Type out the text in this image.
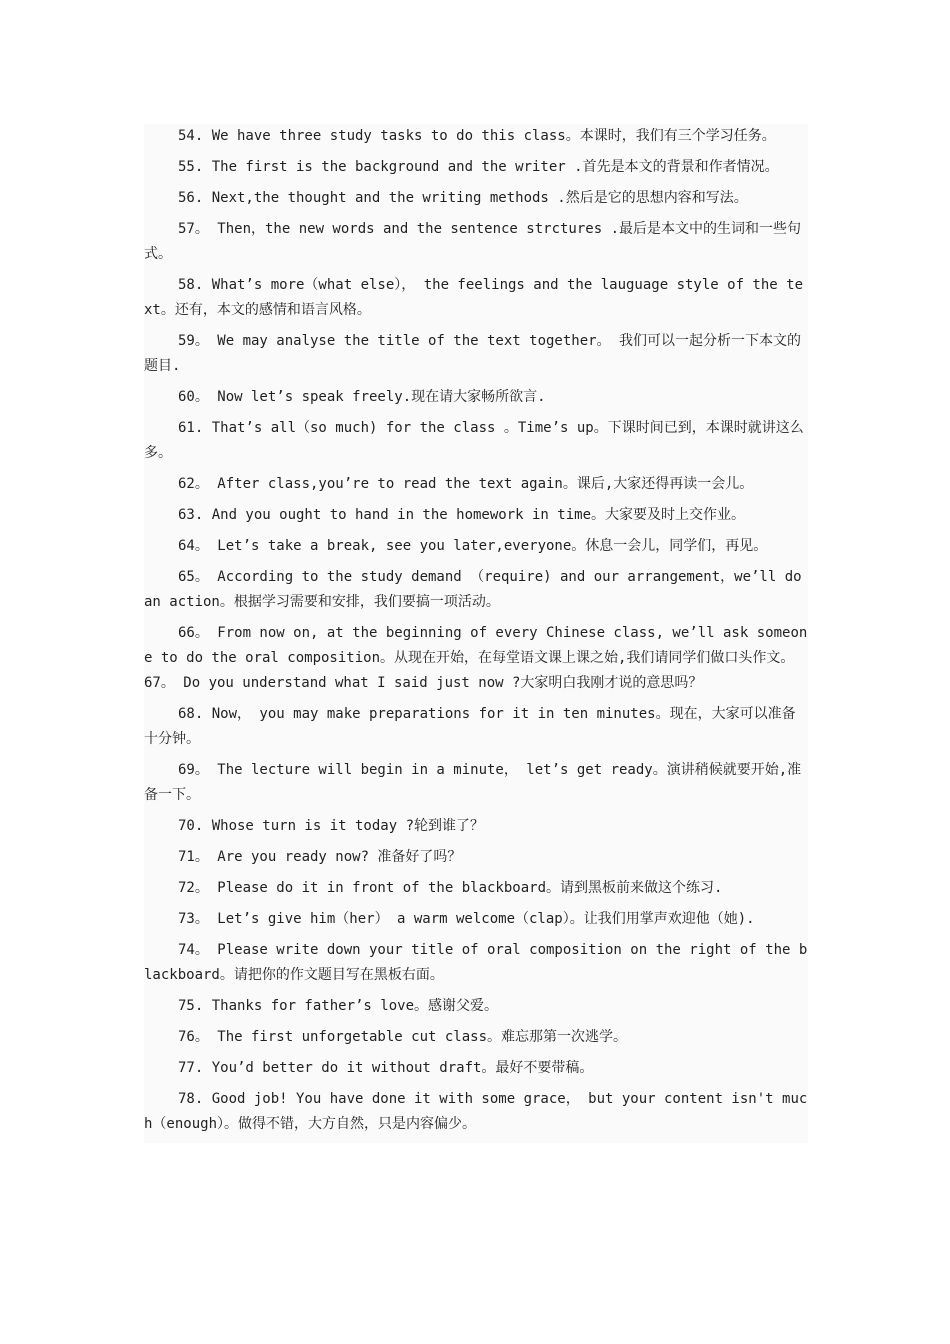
54. We have three study tasks to do this class。本课时，我们有三个学习任务。

55. The first is the background and the writer .首先是本文的背景和作者情况。

56. Next,the thought and the writing methods .然后是它的思想内容和写法。

57。 Then，the new words and the sentence strctures .最后是本文中的生词和一些句式。

58. What’s more（what else）， the feelings and the lauguage style of the text。还有，本文的感情和语言风格。

59。 We may analyse the title of the text together。 我们可以一起分析一下本文的题目.

60。 Now let’s speak freely.现在请大家畅所欲言.

61. That’s all（so much) for the class 。Time’s up。下课时间已到，本课时就讲这么多。

62。 After class,you’re to read the text again。课后,大家还得再读一会儿。

63. And you ought to hand in the homework in time。大家要及时上交作业。

64。 Let’s take a break, see you later,everyone。休息一会儿，同学们，再见。

65。 According to the study demand （require) and our arrangement，we’ll do an action。根据学习需要和安排，我们要搞一项活动。

66。 From now on, at the beginning of every Chinese class, we’ll ask someone to do the oral composition。从现在开始，在每堂语文课上课之始,我们请同学们做口头作文。

67。 Do you understand what I said just now ?大家明白我刚才说的意思吗？

68. Now， you may make preparations for it in ten minutes。现在，大家可以准备十分钟。

69。 The lecture will begin in a minute， let’s get ready。演讲稍候就要开始,准备一下。

70. Whose turn is it today ?轮到谁了？

71。 Are you ready now? 准备好了吗？

72。 Please do it in front of the blackboard。请到黑板前来做这个练习.

73。 Let’s give him（her） a warm welcome（clap）。让我们用掌声欢迎他（她).

74。 Please write down your title of oral composition on the right of the blackboard。请把你的作文题目写在黑板右面。

75. Thanks for father’s love。感谢父爱。

76。 The first unforgetable cut class。难忘那第一次逃学。

77. You’d better do it without draft。最好不要带稿。

78. Good job! You have done it with some grace， but your content isn't much（enough）。做得不错，大方自然，只是内容偏少。
